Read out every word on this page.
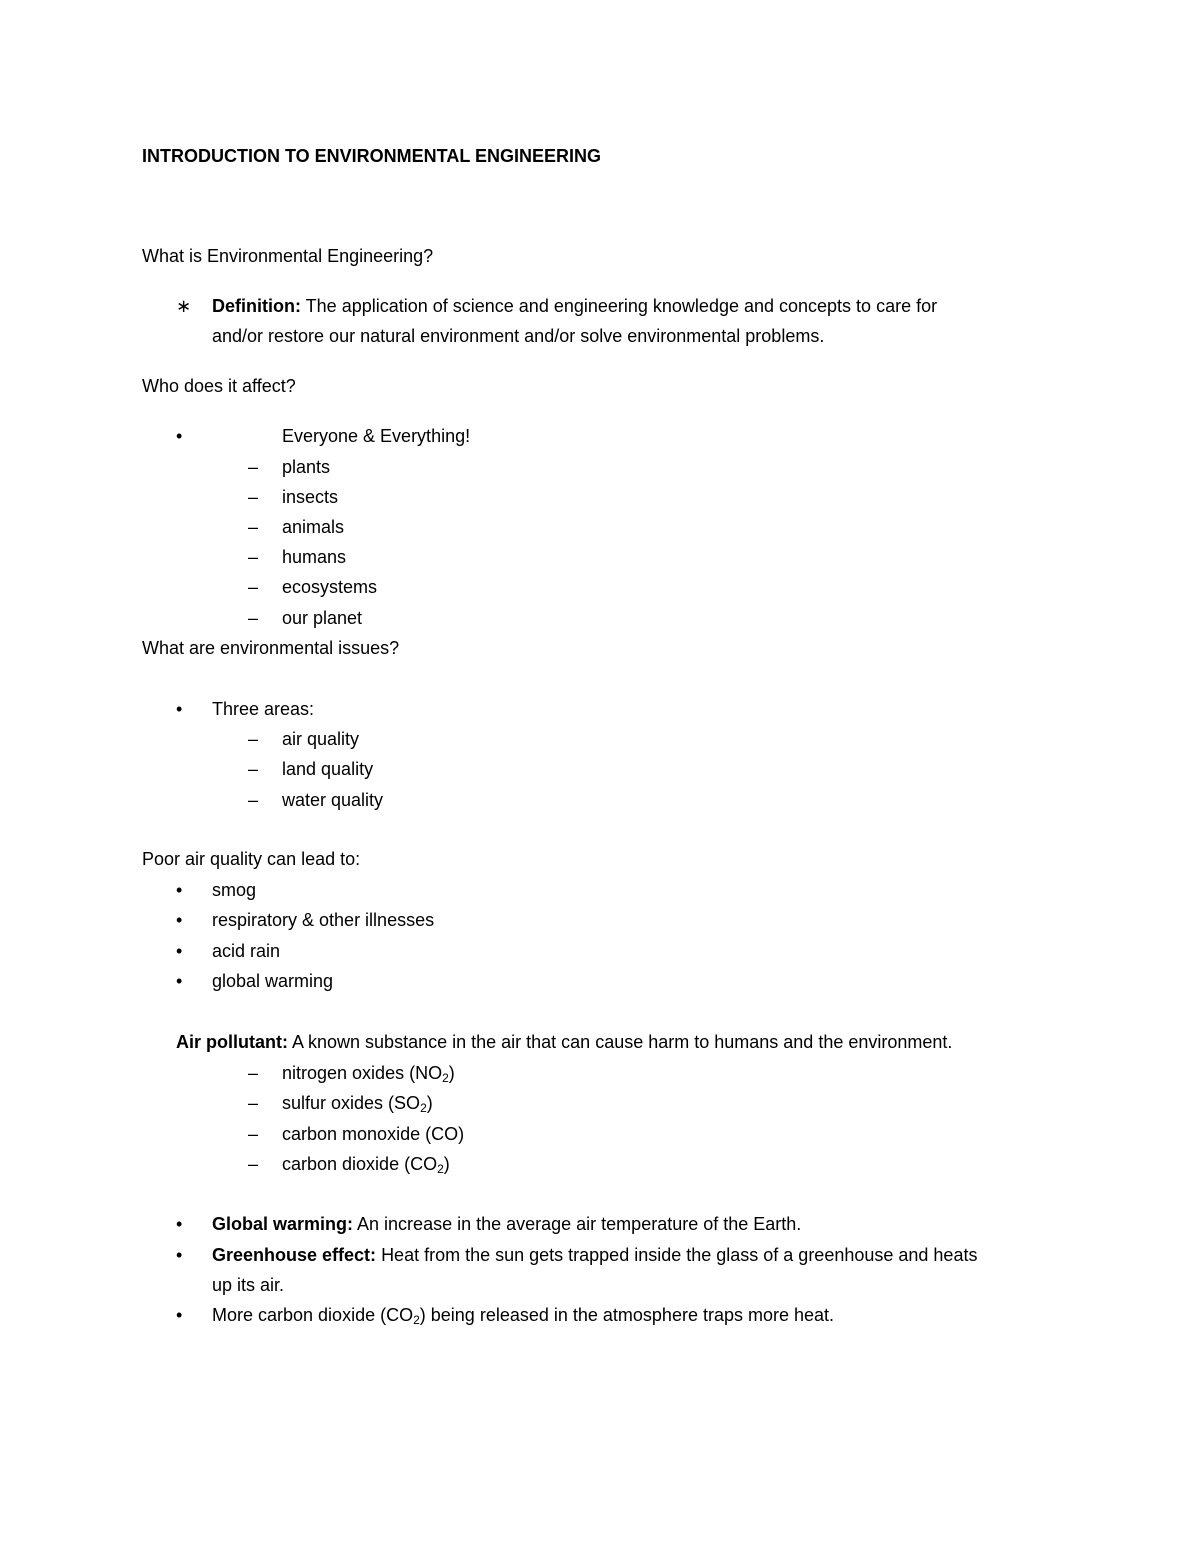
INTRODUCTION TO ENVIRONMENTAL ENGINEERING
What is Environmental Engineering?
∗ Definition: The application of science and engineering knowledge and concepts to care for
and/or restore our natural environment and/or solve environmental problems.
Who does it affect?
•	Everyone & Everything!
– plants
– insects
– animals
– humans
– ecosystems
– our planet
What are environmental issues?
• Three areas:
– air quality
– land quality
– water quality
Poor air quality can lead to:
• smog
• respiratory & other illnesses
• acid rain
• global warming
Air pollutant: A known substance in the air that can cause harm to humans and the environment.
– nitrogen oxides $(NO_2)$
– sulfur oxides $(SO_2)$
– carbon monoxide (CO)
– carbon dioxide $(CO_2)$
• Global warming: An increase in the average air temperature of the Earth.
• Greenhouse effect: Heat from the sun gets trapped inside the glass of a greenhouse and heats
up its air.
• More carbon dioxide $(CO_2)$ being released in the atmosphere traps more heat.
